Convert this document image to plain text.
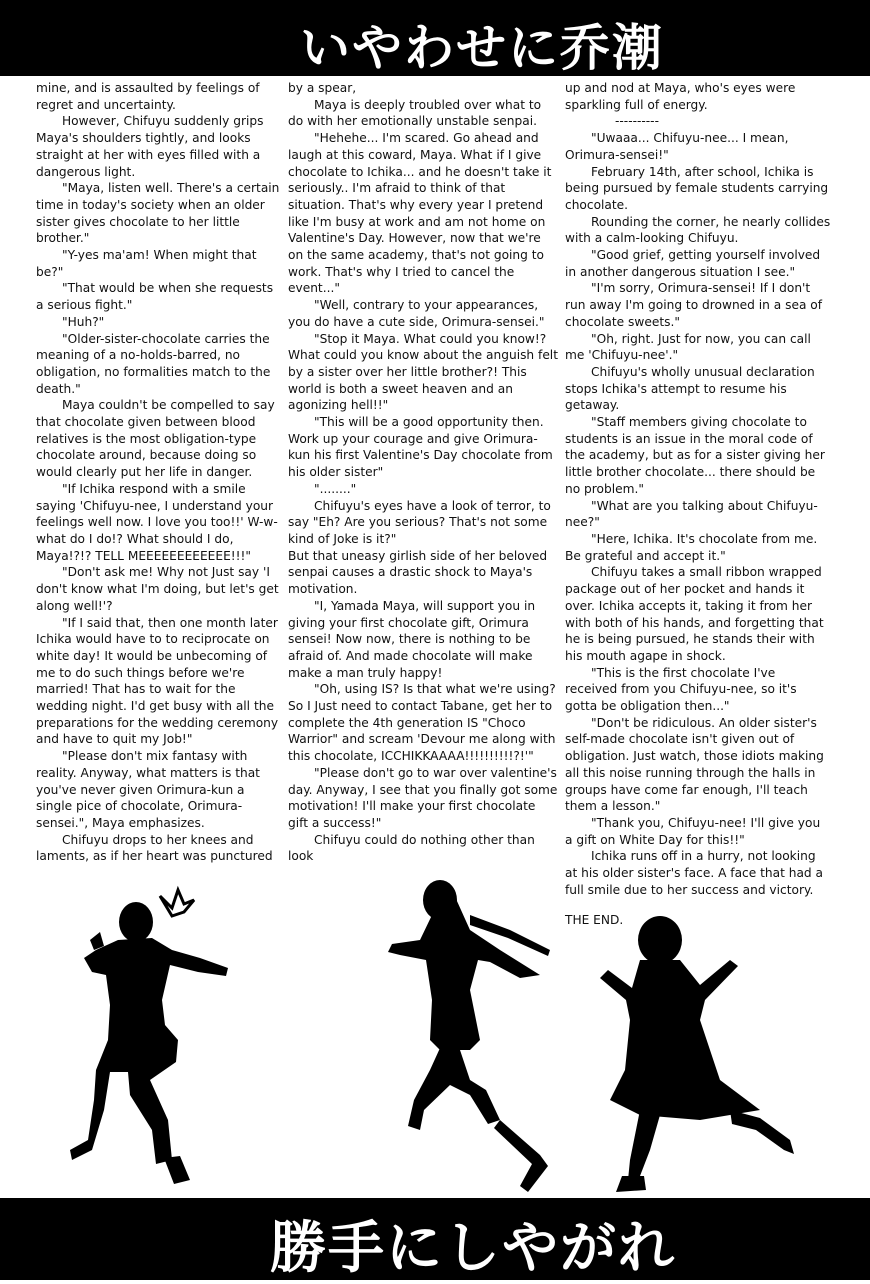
いやわせに乔潮

mine, and is assaulted by feelings of regret and uncertainty.

However, Chifuyu suddenly grips Maya's shoulders tightly, and looks straight at her with eyes filled with a dangerous light.

"Maya, listen well. There's a certain time in today's society when an older sister gives chocolate to her little brother."

"Y-yes ma'am! When might that be?"

"That would be when she requests a serious fight."

"Huh?"

"Older-sister-chocolate carries the meaning of a no-holds-barred, no obligation, no formalities match to the death."

Maya couldn't be compelled to say that chocolate given between blood relatives is the most obligation-type chocolate around, because doing so would clearly put her life in danger.

"If Ichika respond with a smile saying 'Chifuyu-nee, I understand your feelings well now. I love you too!!' W-w-what do I do!? What should I do, Maya!?!? TELL MEEEEEEEEEEEE!!!"

"Don't ask me! Why not Just say 'I don't know what I'm doing, but let's get along well!'?

"If I said that, then one month later Ichika would have to to reciprocate on white day! It would be unbecoming of me to do such things before we're married! That has to wait for the wedding night. I'd get busy with all the preparations for the wedding ceremony and have to quit my Job!"

"Please don't mix fantasy with reality. Anyway, what matters is that you've never given Orimura-kun a single pice of chocolate, Orimura-sensei.", Maya emphasizes.

Chifuyu drops to her knees and laments, as if her heart was punctured

by a spear,

Maya is deeply troubled over what to do with her emotionally unstable senpai.

"Hehehe... I'm scared. Go ahead and laugh at this coward, Maya. What if I give chocolate to Ichika... and he doesn't take it seriously.. I'm afraid to think of that situation. That's why every year I pretend like I'm busy at work and am not home on Valentine's Day. However, now that we're on the same academy, that's not going to work. That's why I tried to cancel the event..."

"Well, contrary to your appearances, you do have a cute side, Orimura-sensei."

"Stop it Maya. What could you know!? What could you know about the anguish felt by a sister over her little brother?! This world is both a sweet heaven and an agonizing hell!!"

"This will be a good opportunity then. Work up your courage and give Orimura-kun his first Valentine's Day chocolate from his older sister"

"........"

Chifuyu's eyes have a look of terror, to say "Eh? Are you serious? That's not some kind of Joke is it?"

But that uneasy girlish side of her beloved senpai causes a drastic shock to Maya's motivation.

"I, Yamada Maya, will support you in giving your first chocolate gift, Orimura sensei! Now now, there is nothing to be afraid of. And made chocolate will make make a man truly happy!

"Oh, using IS? Is that what we're using? So I Just need to contact Tabane, get her to complete the 4th generation IS "Choco Warrior" and scream 'Devour me along with this chocolate, ICCHIKKAAAA!!!!!!!!!!?!'"

"Please don't go to war over valentine's day. Anyway, I see that you finally got some motivation! I'll make your first chocolate gift a success!"

Chifuyu could do nothing other than look

up and nod at Maya, who's eyes were sparkling full of energy.

----------

"Uwaaa... Chifuyu-nee... I mean, Orimura-sensei!"

February 14th, after school, Ichika is being pursued by female students carrying chocolate.

Rounding the corner, he nearly collides with a calm-looking Chifuyu.

"Good grief, getting yourself involved in another dangerous situation I see."

"I'm sorry, Orimura-sensei! If I don't run away I'm going to drowned in a sea of chocolate sweets."

"Oh, right. Just for now, you can call me 'Chifuyu-nee'."

Chifuyu's wholly unusual declaration stops Ichika's attempt to resume his getaway.

"Staff members giving chocolate to students is an issue in the moral code of the academy, but as for a sister giving her little brother chocolate... there should be no problem."

"What are you talking about Chifuyu-nee?"

"Here, Ichika. It's chocolate from me. Be grateful and accept it."

Chifuyu takes a small ribbon wrapped package out of her pocket and hands it over. Ichika accepts it, taking it from her with both of his hands, and forgetting that he is being pursued, he stands their with his mouth agape in shock.

"This is the first chocolate I've received from you Chifuyu-nee, so it's gotta be obligation then..."

"Don't be ridiculous. An older sister's self-made chocolate isn't given out of obligation. Just watch, those idiots making all this noise running through the halls in groups have come far enough, I'll teach them a lesson."

"Thank you, Chifuyu-nee! I'll give you a gift on White Day for this!!"

Ichika runs off in a hurry, not looking at his older sister's face. A face that had a full smile due to her success and victory.

THE END.

勝手にしやがれ
